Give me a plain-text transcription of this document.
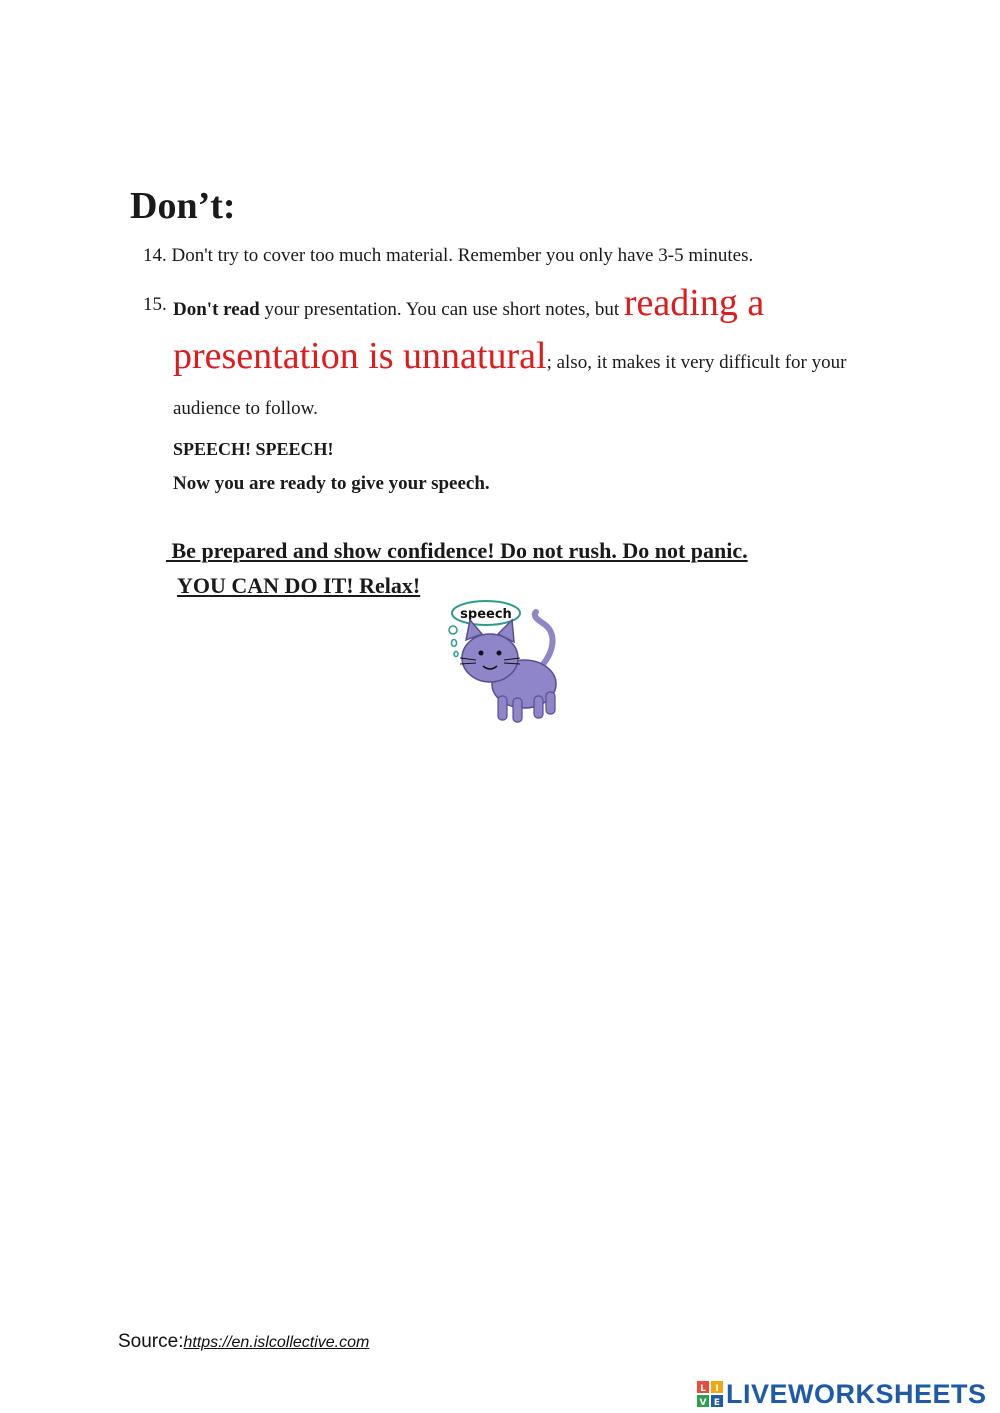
Don’t:
14. Don't try to cover too much material. Remember you only have 3-5 minutes.
15. Don't read your presentation. You can use short notes, but reading a presentation is unnatural; also, it makes it very difficult for your audience to follow.
SPEECH! SPEECH!
Now you are ready to give your speech.
Be prepared and show confidence! Do not rush. Do not panic.
YOU CAN DO IT! Relax!
speech
Source:https://en.islcollective.com
L I
V E LIVEWORKSHEETS
